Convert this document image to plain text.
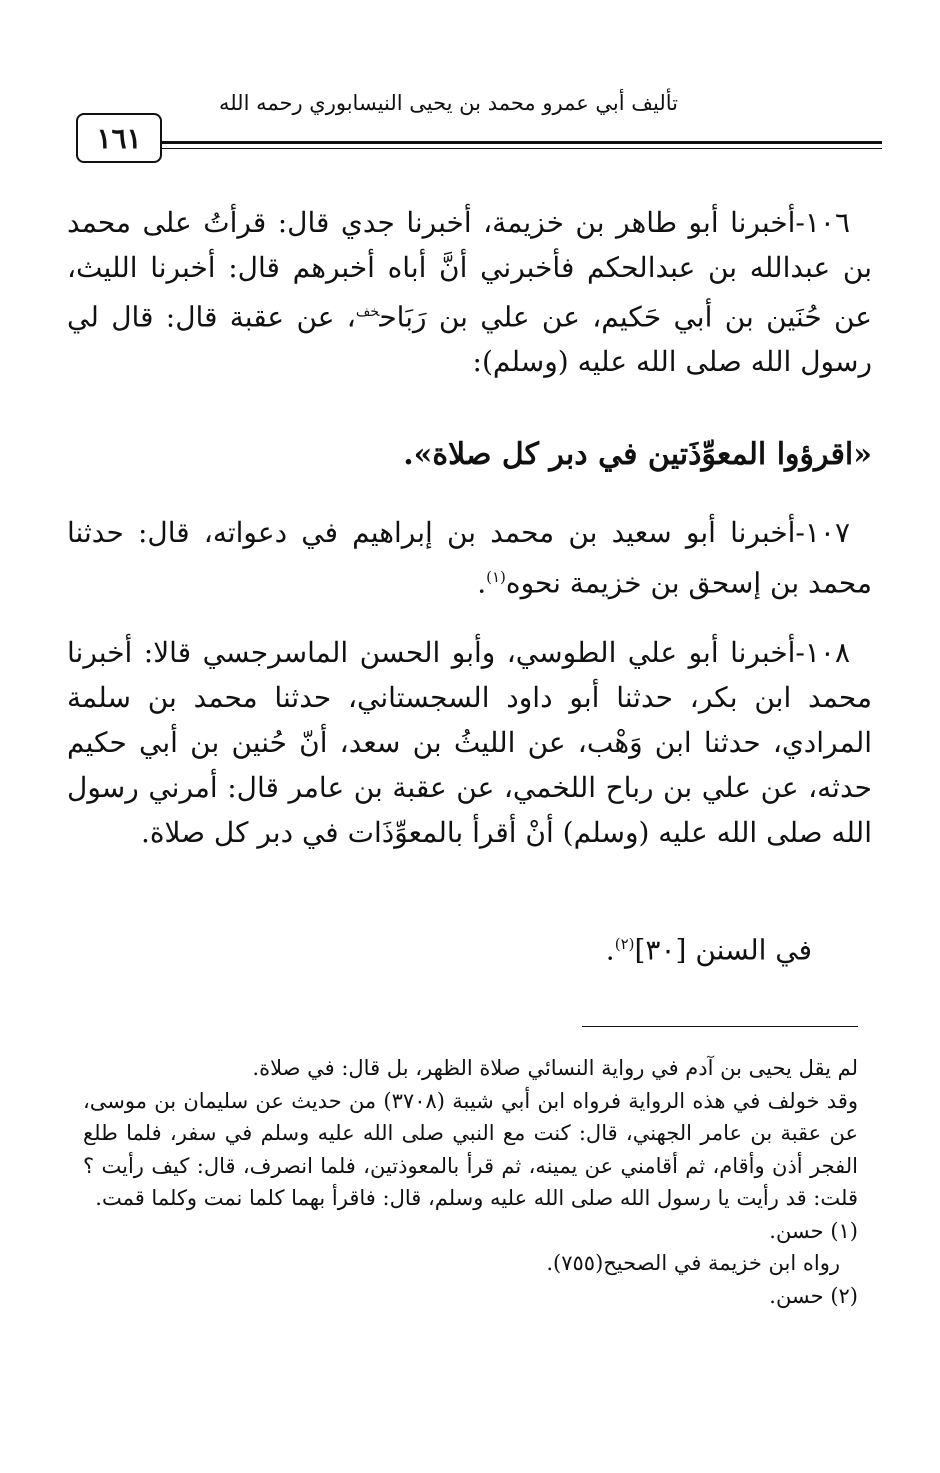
تأليف أبي عمرو محمد بن يحيى النيسابوري رحمه الله
١٦١

١٠٦-أخبرنا أبو طاهر بن خزيمة، أخبرنا جدي قال: قرأتُ على محمد بن عبدالله بن عبدالحكم فأخبرني أنَّ أباه أخبرهم قال: أخبرنا الليث، عن حُنَين بن أبي حَكيم، عن علي بن رَبَاح$^{خف}$، عن عقبة قال: قال لي رسول الله صلى الله عليه (وسلم):

«اقرؤوا المعوِّذَتين في دبر كل صلاة».

١٠٧-أخبرنا أبو سعيد بن محمد بن إبراهيم في دعواته، قال: حدثنا محمد بن إسحق بن خزيمة نحوه$^{(١)}$.

١٠٨-أخبرنا أبو علي الطوسي، وأبو الحسن الماسرجسي قالا: أخبرنا محمد ابن بكر، حدثنا أبو داود السجستاني، حدثنا محمد بن سلمة المرادي، حدثنا ابن وَهْب، عن الليثُ بن سعد، أنّ حُنين بن أبي حكيم حدثه، عن علي بن رباح اللخمي، عن عقبة بن عامر قال: أمرني رسول الله صلى الله عليه (وسلم) أنْ أقرأ بالمعوِّذَات في دبر كل صلاة.

في السنن [٣٠]$^{(٢)}$.

لم يقل يحيى بن آدم في رواية النسائي صلاة الظهر، بل قال: في صلاة.

وقد خولف في هذه الرواية فرواه ابن أبي شيبة (٣٧٠٨) من حديث عن سليمان بن موسى، عن عقبة بن عامر الجهني، قال: كنت مع النبي صلى الله عليه وسلم في سفر، فلما طلع الفجر أذن وأقام، ثم أقامني عن يمينه، ثم قرأ بالمعوذتين، فلما انصرف، قال: كيف رأيت ؟ قلت: قد رأيت يا رسول الله صلى الله عليه وسلم، قال: فاقرأ بهما كلما نمت وكلما قمت.

(١) حسن.

رواه ابن خزيمة في الصحيح(٧٥٥).

(٢) حسن.
